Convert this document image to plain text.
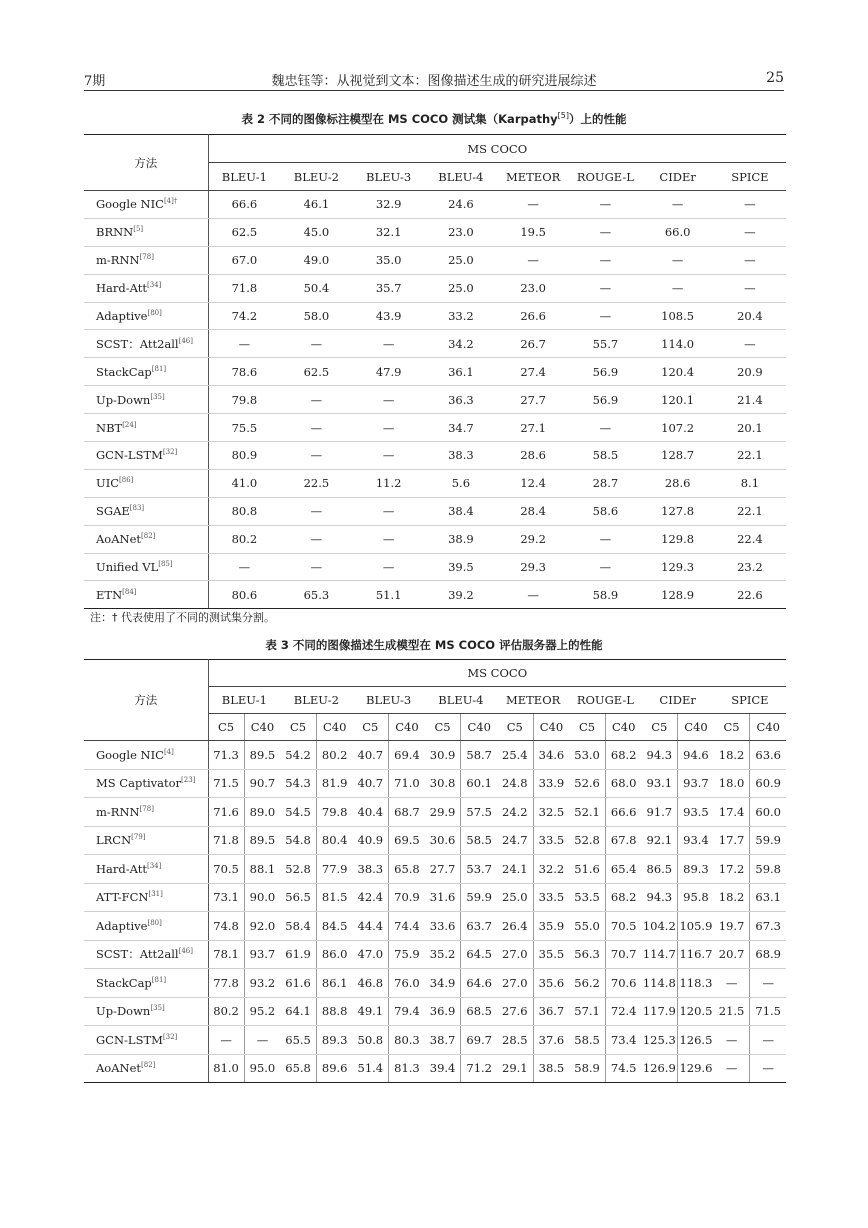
7期	魏忠钰等：从视觉到文本：图像描述生成的研究进展综述	25
表 2 不同的图像标注模型在 MS COCO 测试集（Karpathy[5]）上的性能
方法	MS COCO							
	BLEU-1	BLEU-2	BLEU-3	BLEU-4	METEOR	ROUGE-L	CIDEr	SPICE
Google NIC$^{[4]\dagger}$	66.6	46.1	32.9	24.6	—	—	—	—
BRNN[5]	62.5	45.0	32.1	23.0	19.5	—	66.0	—
m-RNN[78]	67.0	49.0	35.0	25.0	—	—	—	—
Hard-Att[34]	71.8	50.4	35.7	25.0	23.0	—	—	—
Adaptive[80]	74.2	58.0	43.9	33.2	26.6	—	108.5	20.4
SCST：Att2all[46]	—	—	—	34.2	26.7	55.7	114.0	—
StackCap[81]	78.6	62.5	47.9	36.1	27.4	56.9	120.4	20.9
Up-Down[35]	79.8	—	—	36.3	27.7	56.9	120.1	21.4
NBT[24]	75.5	—	—	34.7	27.1	—	107.2	20.1
GCN-LSTM[32]	80.9	—	—	38.3	28.6	58.5	128.7	22.1
UIC[86]	41.0	22.5	11.2	5.6	12.4	28.7	28.6	8.1
SGAE[83]	80.8	—	—	38.4	28.4	58.6	127.8	22.1
AoANet[82]	80.2	—	—	38.9	29.2	—	129.8	22.4
Unified VL[85]	—	—	—	39.5	29.3	—	129.3	23.2
ETN[84]	80.6	65.3	51.1	39.2	—	58.9	128.9	22.6
注：† 代表使用了不同的测试集分割。
表 3 不同的图像描述生成模型在 MS COCO 评估服务器上的性能
方法	MS COCO															
	BLEU-1		BLEU-2		BLEU-3		BLEU-4		METEOR		ROUGE-L		CIDEr		SPICE	
	C5	C40	C5	C40	C5	C40	C5	C40	C5	C40	C5	C40	C5	C40	C5	C40
Google NIC[4]	71.3	89.5	54.2	80.2	40.7	69.4	30.9	58.7	25.4	34.6	53.0	68.2	94.3	94.6	18.2	63.6
MS Captivator[23]	71.5	90.7	54.3	81.9	40.7	71.0	30.8	60.1	24.8	33.9	52.6	68.0	93.1	93.7	18.0	60.9
m-RNN[78]	71.6	89.0	54.5	79.8	40.4	68.7	29.9	57.5	24.2	32.5	52.1	66.6	91.7	93.5	17.4	60.0
LRCN[79]	71.8	89.5	54.8	80.4	40.9	69.5	30.6	58.5	24.7	33.5	52.8	67.8	92.1	93.4	17.7	59.9
Hard-Att[34]	70.5	88.1	52.8	77.9	38.3	65.8	27.7	53.7	24.1	32.2	51.6	65.4	86.5	89.3	17.2	59.8
ATT-FCN[31]	73.1	90.0	56.5	81.5	42.4	70.9	31.6	59.9	25.0	33.5	53.5	68.2	94.3	95.8	18.2	63.1
Adaptive[80]	74.8	92.0	58.4	84.5	44.4	74.4	33.6	63.7	26.4	35.9	55.0	70.5	104.2	105.9	19.7	67.3
SCST：Att2all[46]	78.1	93.7	61.9	86.0	47.0	75.9	35.2	64.5	27.0	35.5	56.3	70.7	114.7	116.7	20.7	68.9
StackCap[81]	77.8	93.2	61.6	86.1	46.8	76.0	34.9	64.6	27.0	35.6	56.2	70.6	114.8	118.3	—	—
Up-Down[35]	80.2	95.2	64.1	88.8	49.1	79.4	36.9	68.5	27.6	36.7	57.1	72.4	117.9	120.5	21.5	71.5
GCN-LSTM[32]	—	—	65.5	89.3	50.8	80.3	38.7	69.7	28.5	37.6	58.5	73.4	125.3	126.5	—	—
AoANet[82]	81.0	95.0	65.8	89.6	51.4	81.3	39.4	71.2	29.1	38.5	58.9	74.5	126.9	129.6	—	—
